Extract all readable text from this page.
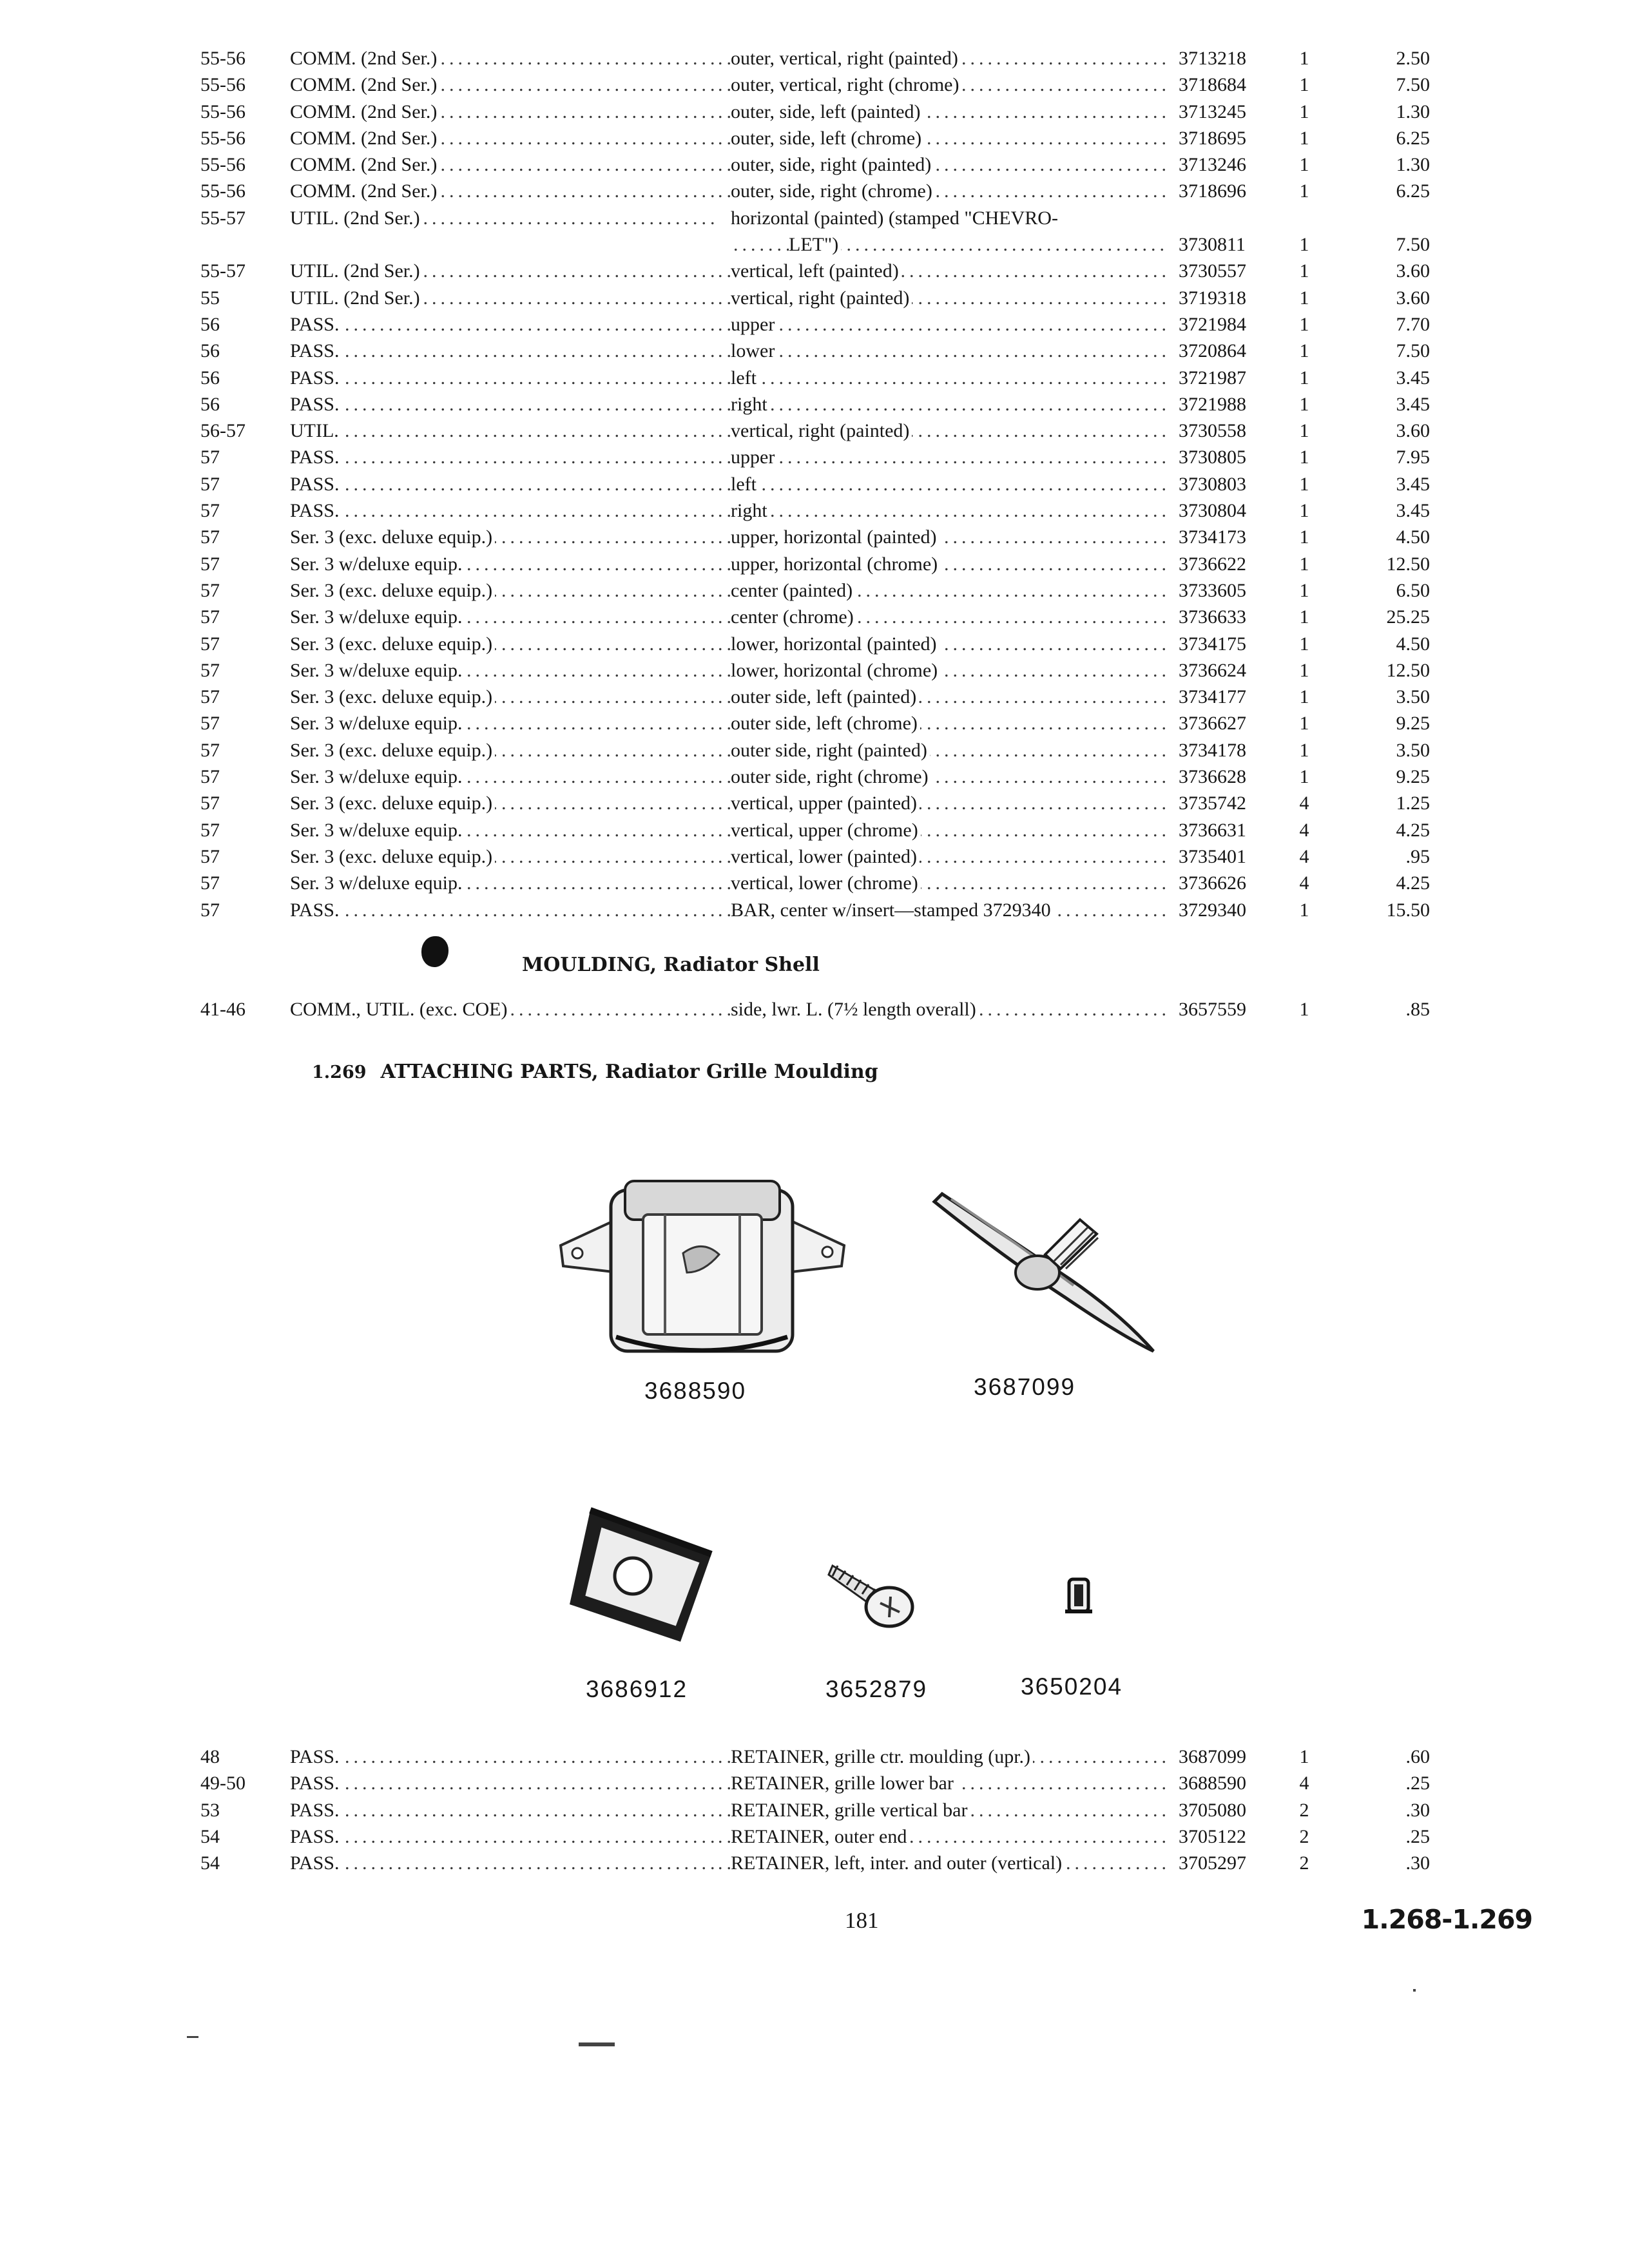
55-56	COMM. (2nd Ser.) .....	outer, vertical, right (painted) .....	3713218	1	2.50
55-56	COMM. (2nd Ser.) .....	outer, vertical, right (chrome) .....	3718684	1	7.50
55-56	COMM. (2nd Ser.) .....	outer, side, left (painted) .....	3713245	1	1.30
55-56	COMM. (2nd Ser.) .....	outer, side, left (chrome) .....	3718695	1	6.25
55-56	COMM. (2nd Ser.) .....	outer, side, right (painted) .....	3713246	1	1.30
55-56	COMM. (2nd Ser.) .....	outer, side, right (chrome) .....	3718696	1	6.25
55-57	UTIL. (2nd Ser.) .....	horizontal (painted) (stamped "CHEVRO-
LET") .....	3730811	1	7.50
55-57	UTIL. (2nd Ser.) .....	vertical, left (painted) .....	3730557	1	3.60
55	UTIL. (2nd Ser.) .....	vertical, right (painted) .....	3719318	1	3.60
56	PASS. .....	upper .....	3721984	1	7.70
56	PASS. .....	lower .....	3720864	1	7.50
56	PASS. .....	left .....	3721987	1	3.45
56	PASS. .....	right .....	3721988	1	3.45
56-57	UTIL. .....	vertical, right (painted) .....	3730558	1	3.60
57	PASS. .....	upper .....	3730805	1	7.95
57	PASS. .....	left .....	3730803	1	3.45
57	PASS. .....	right .....	3730804	1	3.45
57	Ser. 3 (exc. deluxe equip.) .....	upper, horizontal (painted) .....	3734173	1	4.50
57	Ser. 3 w/deluxe equip. .....	upper, horizontal (chrome) .....	3736622	1	12.50
57	Ser. 3 (exc. deluxe equip.) .....	center (painted) .....	3733605	1	6.50
57	Ser. 3 w/deluxe equip. .....	center (chrome) .....	3736633	1	25.25
57	Ser. 3 (exc. deluxe equip.) .....	lower, horizontal (painted) .....	3734175	1	4.50
57	Ser. 3 w/deluxe equip. .....	lower, horizontal (chrome) .....	3736624	1	12.50
57	Ser. 3 (exc. deluxe equip.) .....	outer side, left (painted) .....	3734177	1	3.50
57	Ser. 3 w/deluxe equip. .....	outer side, left (chrome) .....	3736627	1	9.25
57	Ser. 3 (exc. deluxe equip.) .....	outer side, right (painted) .....	3734178	1	3.50
57	Ser. 3 w/deluxe equip. .....	outer side, right (chrome) .....	3736628	1	9.25
57	Ser. 3 (exc. deluxe equip.) .....	vertical, upper (painted) .....	3735742	4	1.25
57	Ser. 3 w/deluxe equip. .....	vertical, upper (chrome) .....	3736631	4	4.25
57	Ser. 3 (exc. deluxe equip.) .....	vertical, lower (painted) .....	3735401	4	.95
57	Ser. 3 w/deluxe equip. .....	vertical, lower (chrome) .....	3736626	4	4.25
57	PASS. .....	BAR, center w/insert—stamped 3729340 .....	3729340	1	15.50
MOULDING, Radiator Shell
41-46	COMM., UTIL. (exc. COE) .....	side, lwr. L. (7½ length overall) .....	3657559	1	.85
1.269 ATTACHING PARTS, Radiator Grille Moulding
3688590	3687099
3686912	3652879	3650204
48	PASS. .....	RETAINER, grille ctr. moulding (upr.) .....	3687099	1	.60
49-50	PASS. .....	RETAINER, grille lower bar .....	3688590	4	.25
53	PASS. .....	RETAINER, grille vertical bar .....	3705080	2	.30
54	PASS. .....	RETAINER, outer end .....	3705122	2	.25
54	PASS. .....	RETAINER, left, inter. and outer (vertical) .....	3705297	2	.30
181	1.268-1.269
